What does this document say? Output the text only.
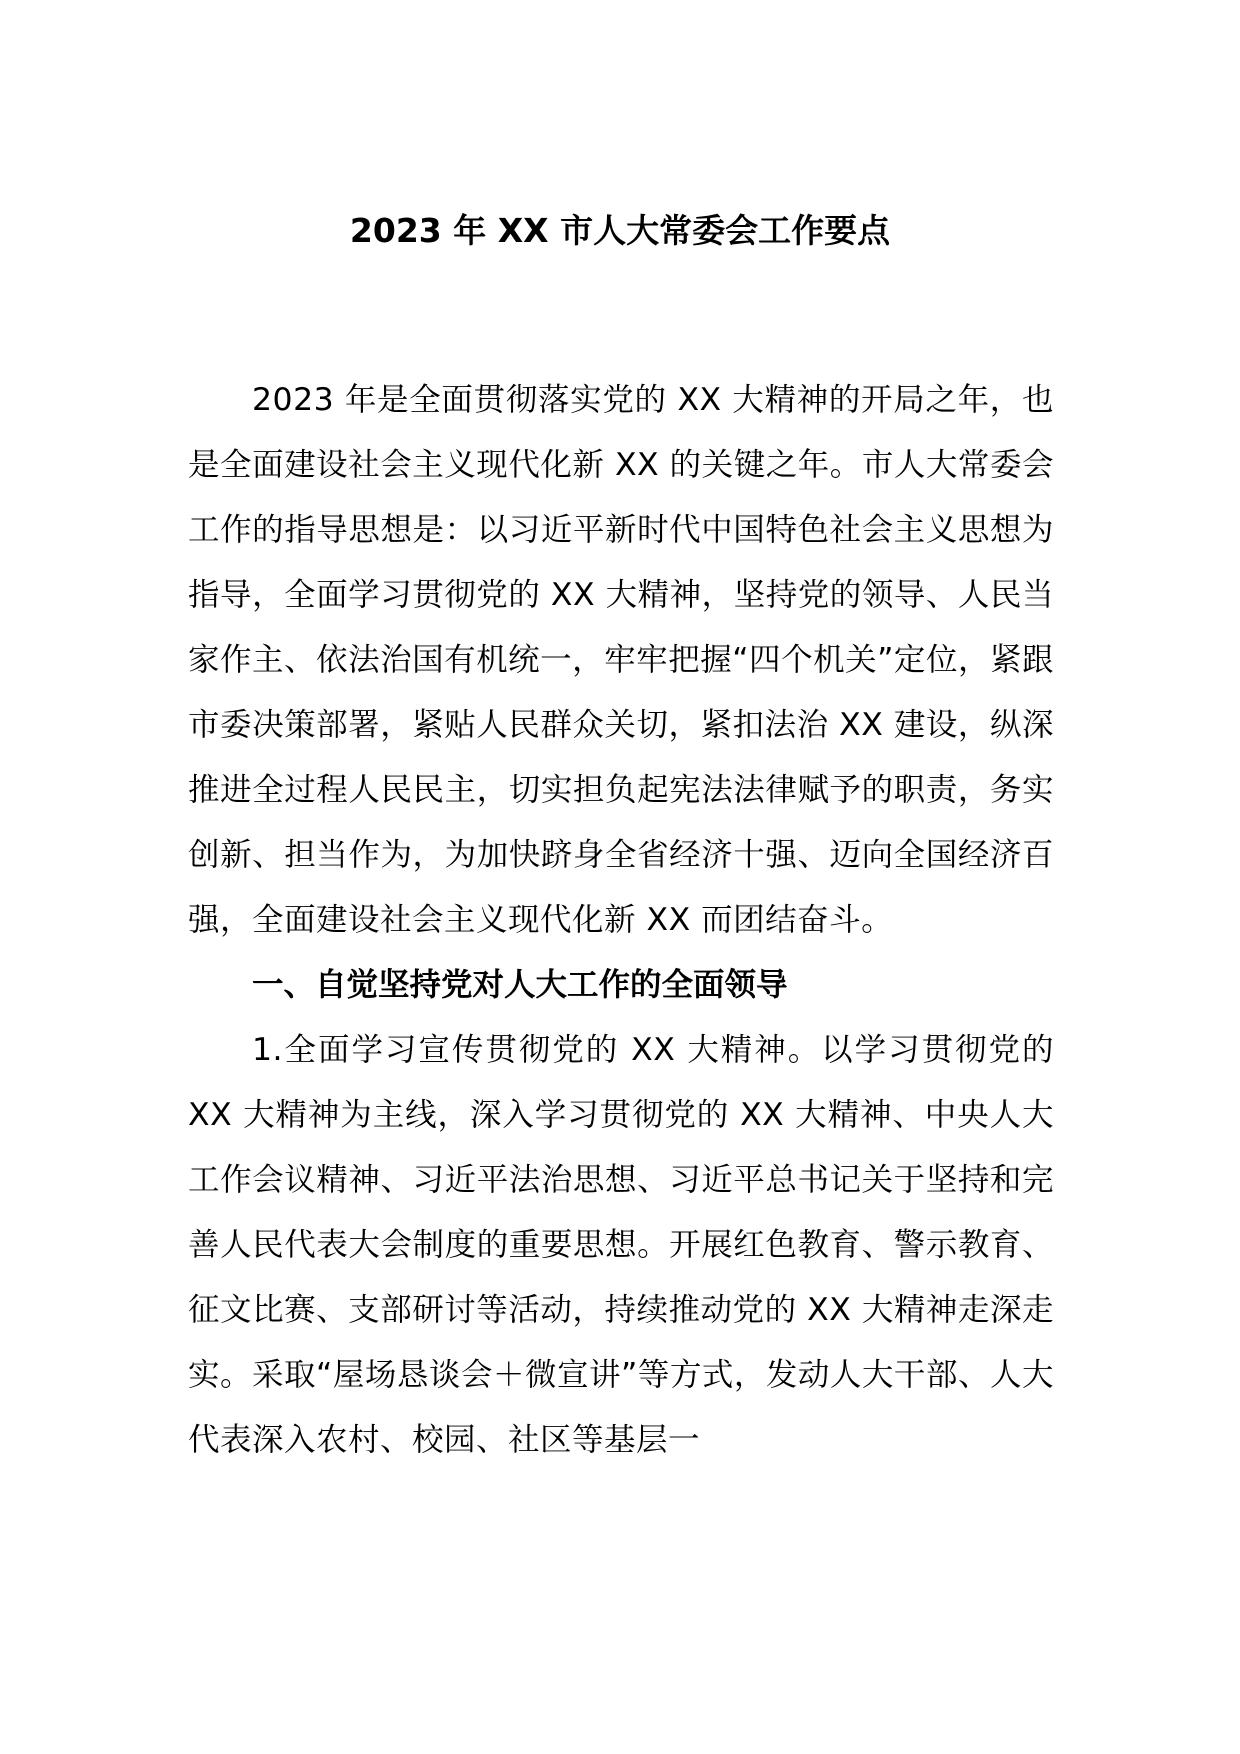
2023 年 XX 市人大常委会工作要点

2023 年是全面贯彻落实党的 XX 大精神的开局之年，也是全面建设社会主义现代化新 XX 的关键之年。市人大常委会工作的指导思想是：以习近平新时代中国特色社会主义思想为指导，全面学习贯彻党的 XX 大精神，坚持党的领导、人民当家作主、依法治国有机统一，牢牢把握“四个机关”定位，紧跟市委决策部署，紧贴人民群众关切，紧扣法治 XX 建设，纵深推进全过程人民民主，切实担负起宪法法律赋予的职责，务实创新、担当作为，为加快跻身全省经济十强、迈向全国经济百强，全面建设社会主义现代化新 XX 而团结奋斗。

一、自觉坚持党对人大工作的全面领导

1.全面学习宣传贯彻党的 XX 大精神。以学习贯彻党的 XX 大精神为主线，深入学习贯彻党的 XX 大精神、中央人大工作会议精神、习近平法治思想、习近平总书记关于坚持和完善人民代表大会制度的重要思想。开展红色教育、警示教育、征文比赛、支部研讨等活动，持续推动党的 XX 大精神走深走实。采取“屋场恳谈会＋微宣讲”等方式，发动人大干部、人大代表深入农村、校园、社区等基层一
